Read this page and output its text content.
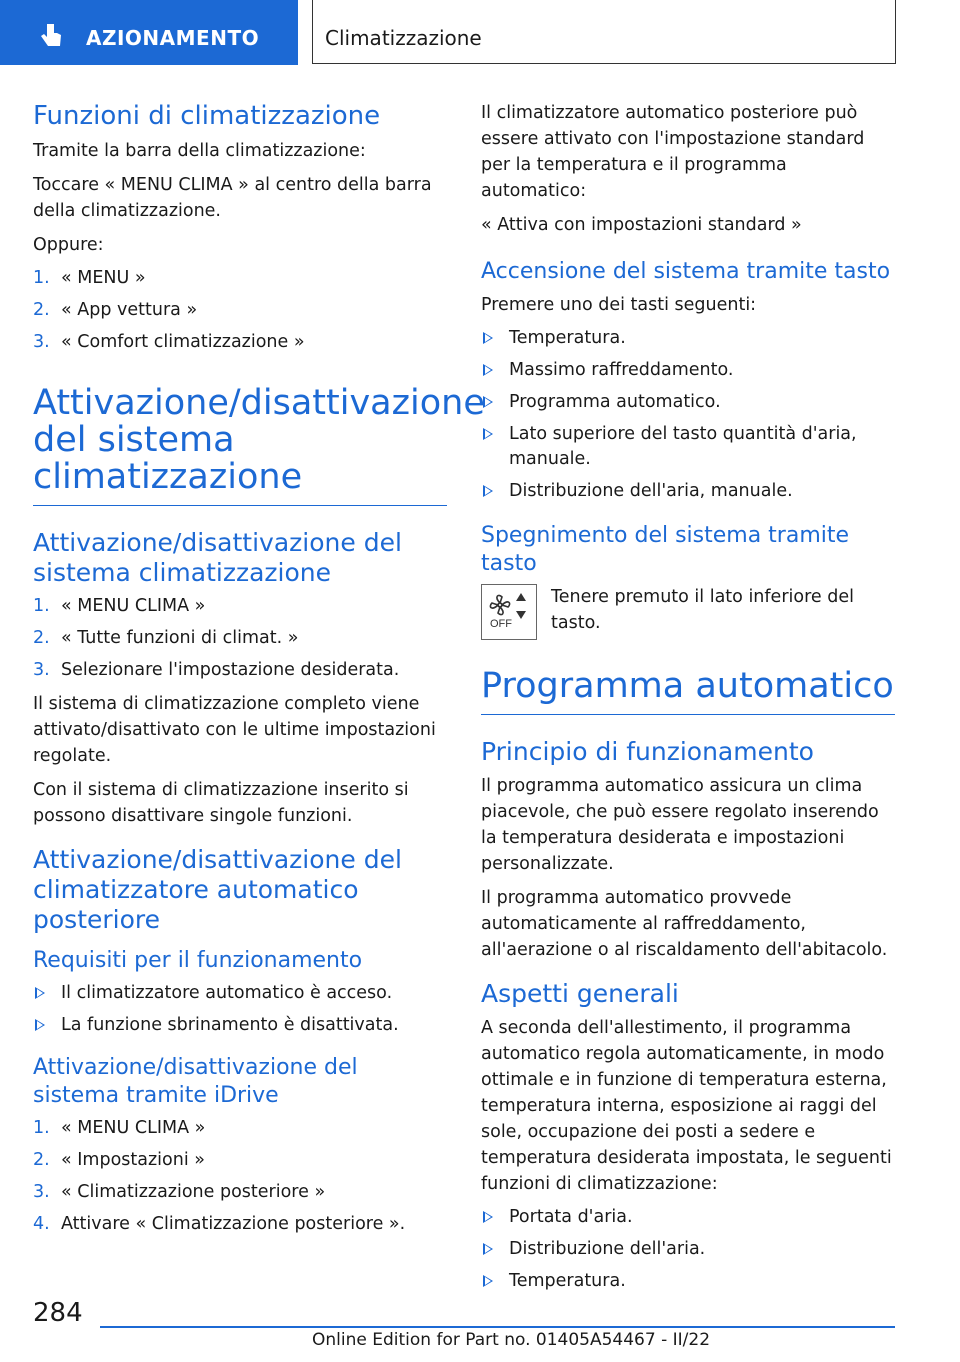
AZIONAMENTO	Climatizzazione
Funzioni di climatizzazione

Tramite la barra della climatizzazione:

Toccare « MENU CLIMA » al centro della barra della climatizzazione.

Oppure:

1. « MENU »
2. « App vettura »
3. « Comfort climatizzazione »
Attivazione/disattivazione del sistema climatizzazione
Attivazione/disattivazione del sistema climatizzazione
1. « MENU CLIMA »
2. « Tutte funzioni di climat. »
3. Selezionare l'impostazione desiderata.

Il sistema di climatizzazione completo viene attivato/disattivato con le ultime impostazioni regolate.

Con il sistema di climatizzazione inserito si possono disattivare singole funzioni.

Attivazione/disattivazione del climatizzatore automatico posteriore
Requisiti per il funzionamento
Il climatizzatore automatico è acceso.
La funzione sbrinamento è disattivata.
Attivazione/disattivazione del sistema tramite iDrive
1. « MENU CLIMA »
2. « Impostazioni »
3. « Climatizzazione posteriore »
4. Attivare « Climatizzazione posteriore ».

Il climatizzatore automatico posteriore può essere attivato con l'impostazione standard per la temperatura e il programma automatico:

« Attiva con impostazioni standard »

Accensione del sistema tramite tasto

Premere uno dei tasti seguenti:

Temperatura.
Massimo raffreddamento.
Programma automatico.
Lato superiore del tasto quantità d'aria, manuale.
Distribuzione dell'aria, manuale.
Spegnimento del sistema tramite tasto
OFF

Tenere premuto il lato inferiore del tasto.

Programma automatico
Principio di funzionamento

Il programma automatico assicura un clima piacevole, che può essere regolato inserendo la temperatura desiderata e impostazioni personalizzate.

Il programma automatico provvede automaticamente al raffreddamento, all'aerazione o al riscaldamento dell'abitacolo.

Aspetti generali

A seconda dell'allestimento, il programma automatico regola automaticamente, in modo ottimale e in funzione di temperatura esterna, temperatura interna, esposizione ai raggi del sole, occupazione dei posti a sedere e temperatura desiderata impostata, le seguenti funzioni di climatizzazione:

Portata d'aria.
Distribuzione dell'aria.
Temperatura.
284
Online Edition for Part no. 01405A54467 - II/22
